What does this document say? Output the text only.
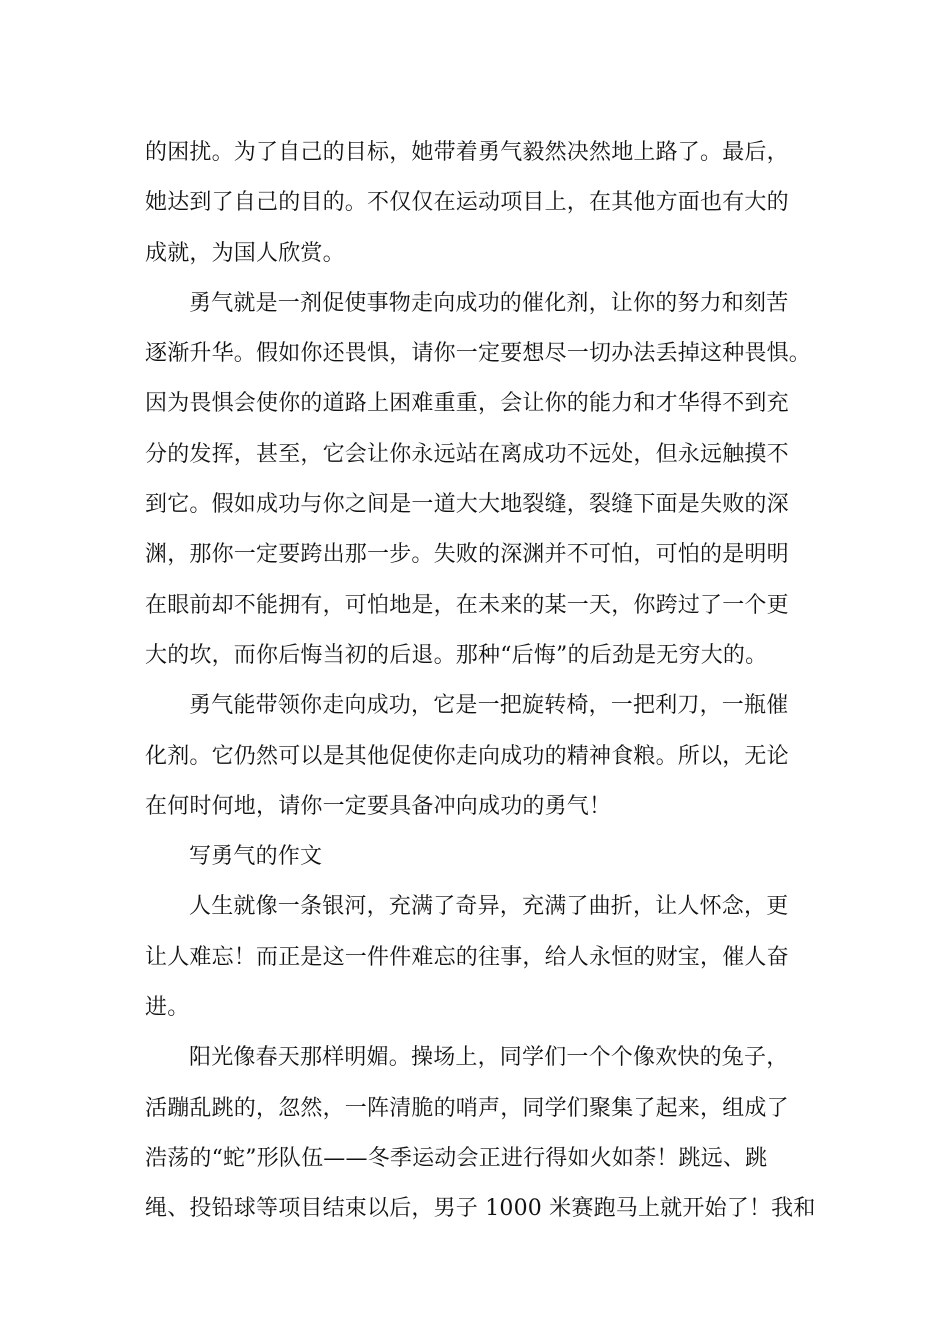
的困扰。为了自己的目标，她带着勇气毅然决然地上路了。最后，
她达到了自己的目的。不仅仅在运动项目上，在其他方面也有大的
成就，为国人欣赏。
勇气就是一剂促使事物走向成功的催化剂，让你的努力和刻苦
逐渐升华。假如你还畏惧，请你一定要想尽一切办法丢掉这种畏惧。
因为畏惧会使你的道路上困难重重，会让你的能力和才华得不到充
分的发挥，甚至，它会让你永远站在离成功不远处，但永远触摸不
到它。假如成功与你之间是一道大大地裂缝，裂缝下面是失败的深
渊，那你一定要跨出那一步。失败的深渊并不可怕，可怕的是明明
在眼前却不能拥有，可怕地是，在未来的某一天，你跨过了一个更
大的坎，而你后悔当初的后退。那种“后悔”的后劲是无穷大的。
勇气能带领你走向成功，它是一把旋转椅，一把利刀，一瓶催
化剂。它仍然可以是其他促使你走向成功的精神食粮。所以，无论
在何时何地，请你一定要具备冲向成功的勇气！
写勇气的作文
人生就像一条银河，充满了奇异，充满了曲折，让人怀念，更
让人难忘！而正是这一件件难忘的往事，给人永恒的财宝，催人奋
进。
阳光像春天那样明媚。操场上，同学们一个个像欢快的兔子，
活蹦乱跳的，忽然，一阵清脆的哨声，同学们聚集了起来，组成了
浩荡的“蛇”形队伍——冬季运动会正进行得如火如荼！跳远、跳
绳、投铅球等项目结束以后，男子 1000 米赛跑马上就开始了！我和
